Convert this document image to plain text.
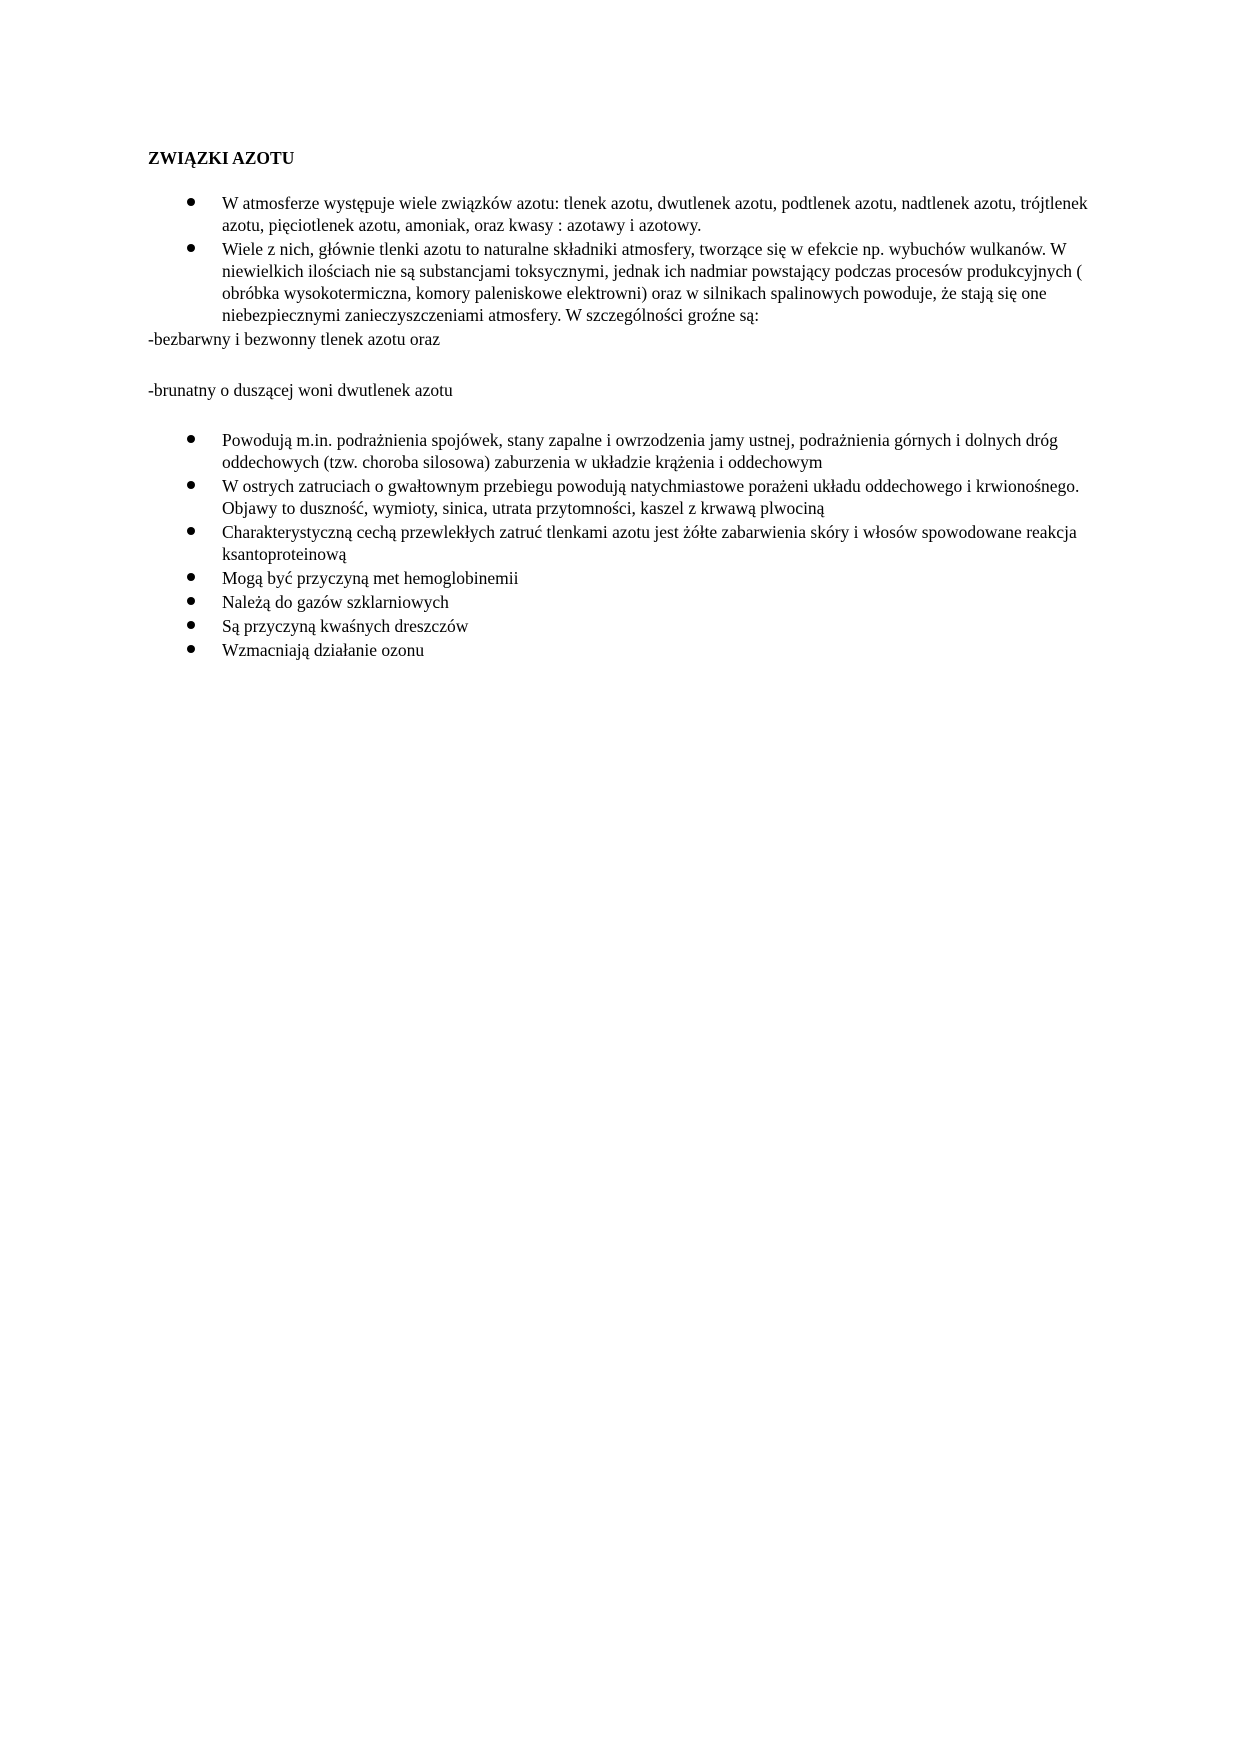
ZWIĄZKI AZOTU
W atmosferze występuje wiele związków azotu: tlenek azotu, dwutlenek azotu, podtlenek azotu, nadtlenek azotu, trójtlenek azotu, pięciotlenek azotu, amoniak, oraz kwasy : azotawy i azotowy.
Wiele z nich, głównie tlenki azotu to naturalne składniki atmosfery, tworzące się w efekcie np. wybuchów wulkanów. W niewielkich ilościach nie są substancjami toksycznymi, jednak ich nadmiar powstający podczas procesów produkcyjnych ( obróbka wysokotermiczna, komory paleniskowe elektrowni) oraz w silnikach spalinowych powoduje, że stają się one niebezpiecznymi zanieczyszczeniami atmosfery. W szczególności groźne są:

-bezbarwny i bezwonny tlenek azotu oraz

-brunatny o duszącej woni dwutlenek azotu

Powodują m.in. podrażnienia spojówek, stany zapalne i owrzodzenia jamy ustnej, podrażnienia górnych i dolnych dróg oddechowych (tzw. choroba silosowa) zaburzenia w układzie krążenia i oddechowym
W ostrych zatruciach o gwałtownym przebiegu powodują natychmiastowe porażeni układu oddechowego i krwionośnego. Objawy to duszność, wymioty, sinica, utrata przytomności, kaszel z krwawą plwociną
Charakterystyczną cechą przewlekłych zatruć tlenkami azotu jest żółte zabarwienia skóry i włosów spowodowane reakcja ksantoproteinową
Mogą być przyczyną met hemoglobinemii
Należą do gazów szklarniowych
Są przyczyną kwaśnych dreszczów
Wzmacniają działanie ozonu
